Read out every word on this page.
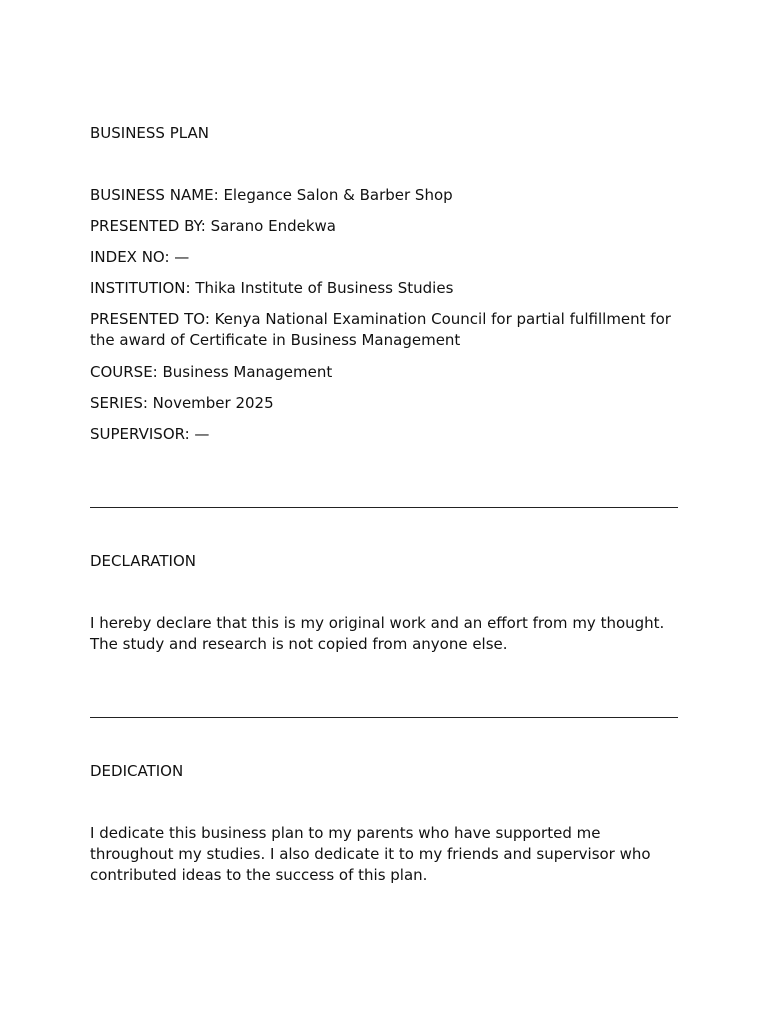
BUSINESS PLAN

BUSINESS NAME: Elegance Salon & Barber Shop

PRESENTED BY: Sarano Endekwa

INDEX NO: —

INSTITUTION: Thika Institute of Business Studies

PRESENTED TO: Kenya National Examination Council for partial fulfillment for the award of Certificate in Business Management

COURSE: Business Management

SERIES: November 2025

SUPERVISOR: —

DECLARATION

I hereby declare that this is my original work and an effort from my thought. The study and research is not copied from anyone else.

DEDICATION

I dedicate this business plan to my parents who have supported me throughout my studies. I also dedicate it to my friends and supervisor who contributed ideas to the success of this plan.
